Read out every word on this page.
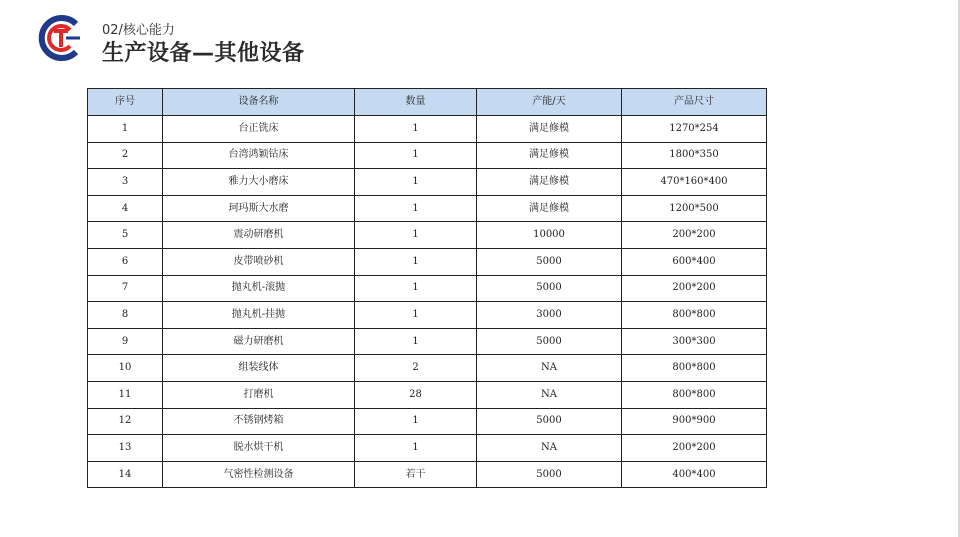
02/核心能力
生产设备—其他设备
序号	设备名称	数量	产能/天	产品尺寸
1	台正铣床	1	满足修模	1270*254
2	台湾鸿颖钻床	1	满足修模	1800*350
3	雅力大小磨床	1	满足修模	470*160*400
4	珂玛斯大水磨	1	满足修模	1200*500
5	震动研磨机	1	10000	200*200
6	皮带喷砂机	1	5000	600*400
7	抛丸机-滚抛	1	5000	200*200
8	抛丸机-挂抛	1	3000	800*800
9	磁力研磨机	1	5000	300*300
10	组装线体	2	NA	800*800
11	打磨机	28	NA	800*800
12	不锈钢烤箱	1	5000	900*900
13	脱水烘干机	1	NA	200*200
14	气密性检测设备	若干	5000	400*400
